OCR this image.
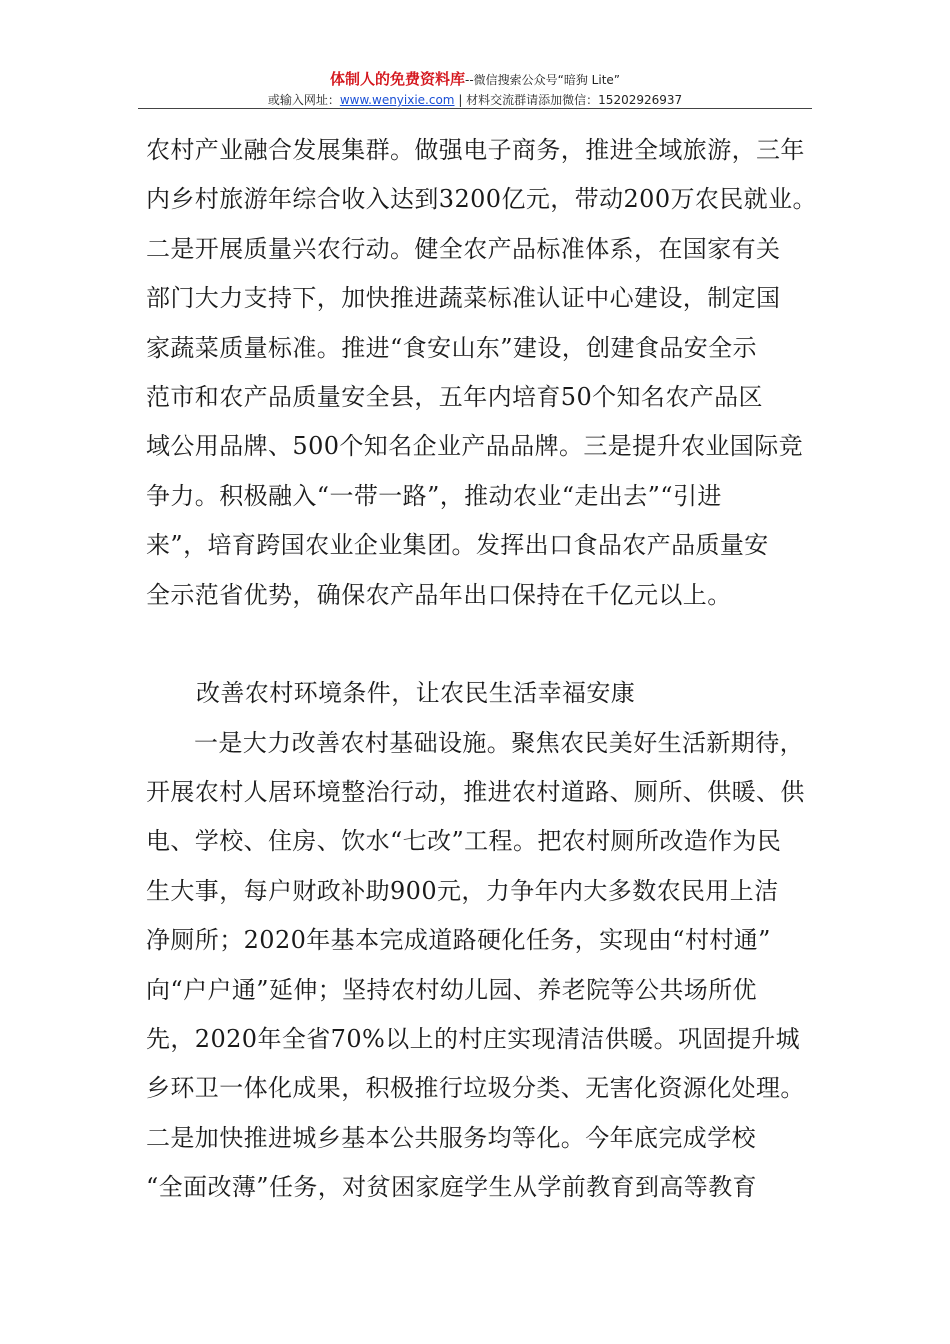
体制人的免费资料库--微信搜索公众号“暗狗 Lite”
或输入网址：www.wenyixie.com | 材料交流群请添加微信：15202926937
农村产业融合发展集群。做强电子商务，推进全域旅游，三年
内乡村旅游年综合收入达到3200亿元，带动200万农民就业。
二是开展质量兴农行动。健全农产品标准体系，在国家有关
部门大力支持下，加快推进蔬菜标准认证中心建设，制定国
家蔬菜质量标准。推进“食安山东”建设，创建食品安全示
范市和农产品质量安全县，五年内培育50个知名农产品区
域公用品牌、500个知名企业产品品牌。三是提升农业国际竞
争力。积极融入“一带一路”，推动农业“走出去”“引进
来”，培育跨国农业企业集团。发挥出口食品农产品质量安
全示范省优势，确保农产品年出口保持在千亿元以上。
改善农村环境条件，让农民生活幸福安康
一是大力改善农村基础设施。聚焦农民美好生活新期待，
开展农村人居环境整治行动，推进农村道路、厕所、供暖、供
电、学校、住房、饮水“七改”工程。把农村厕所改造作为民
生大事，每户财政补助900元，力争年内大多数农民用上洁
净厕所；2020年基本完成道路硬化任务，实现由“村村通”
向“户户通”延伸；坚持农村幼儿园、养老院等公共场所优
先，2020年全省70%以上的村庄实现清洁供暖。巩固提升城
乡环卫一体化成果，积极推行垃圾分类、无害化资源化处理。
二是加快推进城乡基本公共服务均等化。今年底完成学校
“全面改薄”任务，对贫困家庭学生从学前教育到高等教育
